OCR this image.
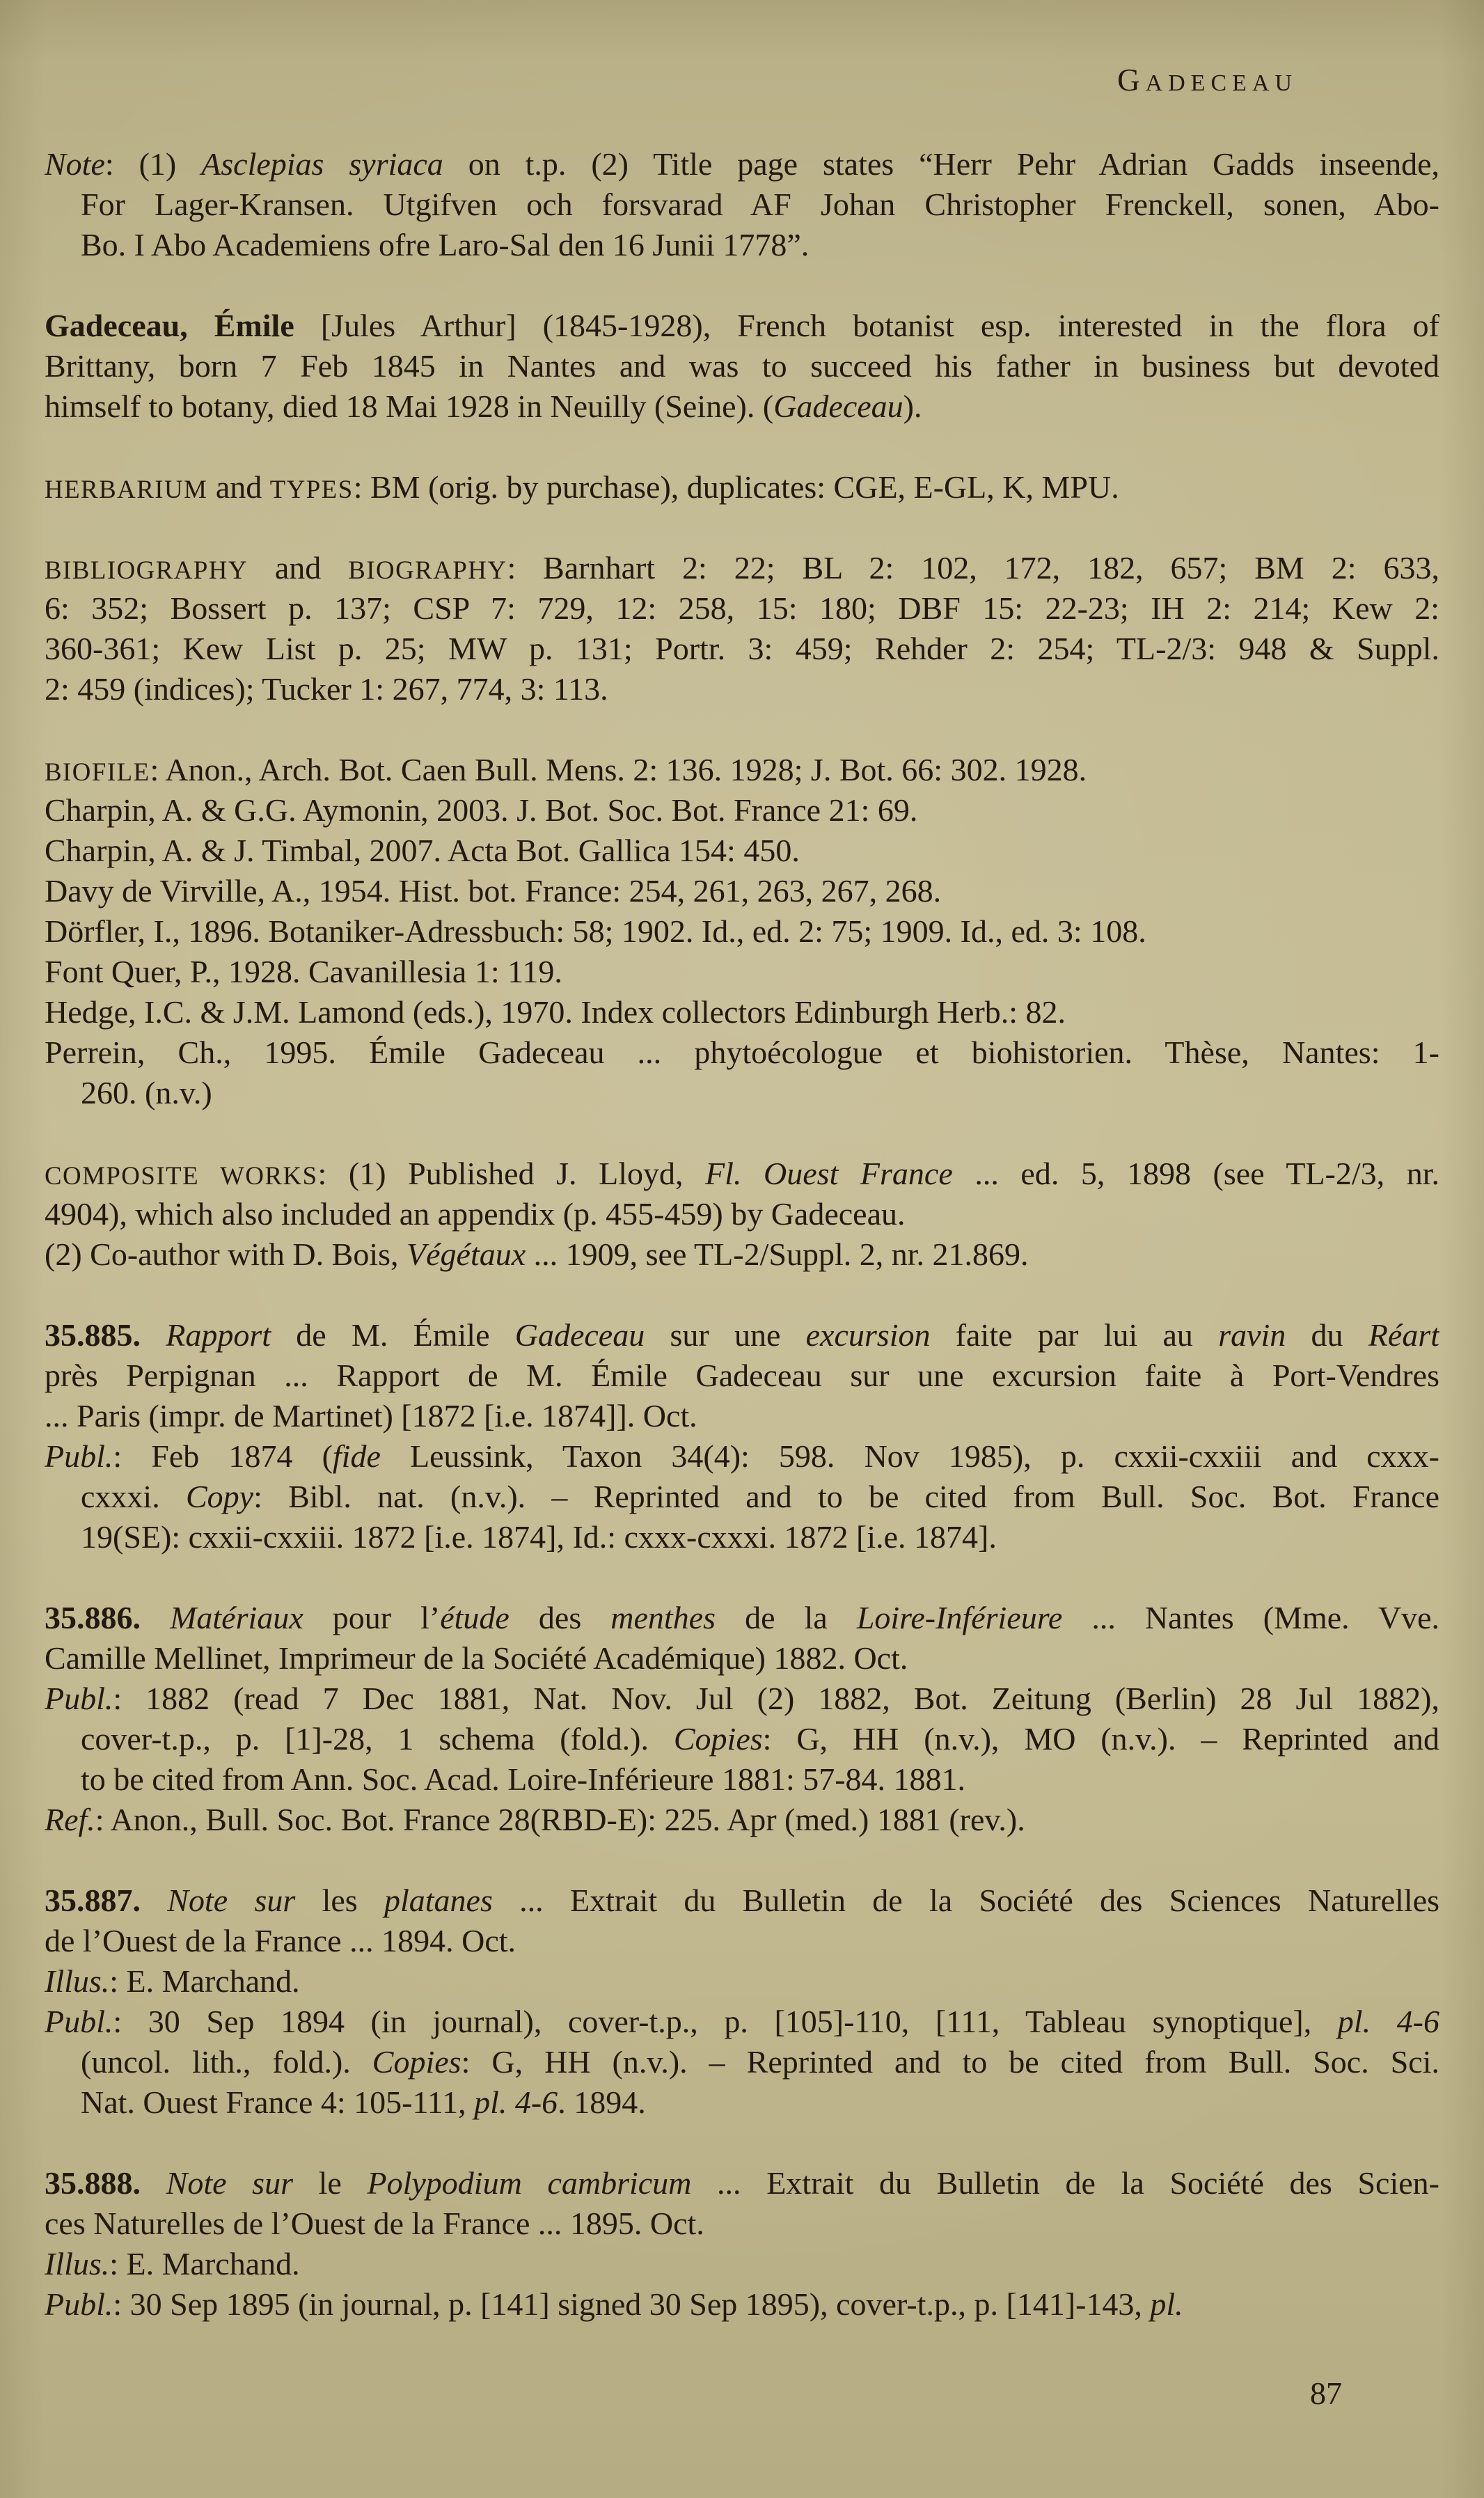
GADECEAU
Note: (1) Asclepias syriaca on t.p. (2) Title page states “Herr Pehr Adrian Gadds inseende,
For Lager-Kransen. Utgifven och forsvarad AF Johan Christopher Frenckell, sonen, Abo-
Bo. I Abo Academiens ofre Laro-Sal den 16 Junii 1778”.
Gadeceau, Émile [Jules Arthur] (1845-1928), French botanist esp. interested in the flora of
Brittany, born 7 Feb 1845 in Nantes and was to succeed his father in business but devoted
himself to botany, died 18 Mai 1928 in Neuilly (Seine). (Gadeceau).
HERBARIUM and TYPES: BM (orig. by purchase), duplicates: CGE, E-GL, K, MPU.
BIBLIOGRAPHY and BIOGRAPHY: Barnhart 2: 22; BL 2: 102, 172, 182, 657; BM 2: 633,
6: 352; Bossert p. 137; CSP 7: 729, 12: 258, 15: 180; DBF 15: 22-23; IH 2: 214; Kew 2:
360-361; Kew List p. 25; MW p. 131; Portr. 3: 459; Rehder 2: 254; TL-2/3: 948 & Suppl.
2: 459 (indices); Tucker 1: 267, 774, 3: 113.
BIOFILE: Anon., Arch. Bot. Caen Bull. Mens. 2: 136. 1928; J. Bot. 66: 302. 1928.
Charpin, A. & G.G. Aymonin, 2003. J. Bot. Soc. Bot. France 21: 69.
Charpin, A. & J. Timbal, 2007. Acta Bot. Gallica 154: 450.
Davy de Virville, A., 1954. Hist. bot. France: 254, 261, 263, 267, 268.
Dörfler, I., 1896. Botaniker-Adressbuch: 58; 1902. Id., ed. 2: 75; 1909. Id., ed. 3: 108.
Font Quer, P., 1928. Cavanillesia 1: 119.
Hedge, I.C. & J.M. Lamond (eds.), 1970. Index collectors Edinburgh Herb.: 82.
Perrein, Ch., 1995. Émile Gadeceau ... phytoécologue et biohistorien. Thèse, Nantes: 1-
260. (n.v.)
COMPOSITE WORKS: (1) Published J. Lloyd, Fl. Ouest France ... ed. 5, 1898 (see TL-2/3, nr.
4904), which also included an appendix (p. 455-459) by Gadeceau.
(2) Co-author with D. Bois, Végétaux ... 1909, see TL-2/Suppl. 2, nr. 21.869.
35.885. Rapport de M. Émile Gadeceau sur une excursion faite par lui au ravin du Réart
près Perpignan ... Rapport de M. Émile Gadeceau sur une excursion faite à Port-Vendres
... Paris (impr. de Martinet) [1872 [i.e. 1874]]. Oct.
Publ.: Feb 1874 (fide Leussink, Taxon 34(4): 598. Nov 1985), p. cxxii-cxxiii and cxxx-
cxxxi. Copy: Bibl. nat. (n.v.). – Reprinted and to be cited from Bull. Soc. Bot. France
19(SE): cxxii-cxxiii. 1872 [i.e. 1874], Id.: cxxx-cxxxi. 1872 [i.e. 1874].
35.886. Matériaux pour l’étude des menthes de la Loire-Inférieure ... Nantes (Mme. Vve.
Camille Mellinet, Imprimeur de la Société Académique) 1882. Oct.
Publ.: 1882 (read 7 Dec 1881, Nat. Nov. Jul (2) 1882, Bot. Zeitung (Berlin) 28 Jul 1882),
cover-t.p., p. [1]-28, 1 schema (fold.). Copies: G, HH (n.v.), MO (n.v.). – Reprinted and
to be cited from Ann. Soc. Acad. Loire-Inférieure 1881: 57-84. 1881.
Ref.: Anon., Bull. Soc. Bot. France 28(RBD-E): 225. Apr (med.) 1881 (rev.).
35.887. Note sur les platanes ... Extrait du Bulletin de la Société des Sciences Naturelles
de l’Ouest de la France ... 1894. Oct.
Illus.: E. Marchand.
Publ.: 30 Sep 1894 (in journal), cover-t.p., p. [105]-110, [111, Tableau synoptique], pl. 4-6
(uncol. lith., fold.). Copies: G, HH (n.v.). – Reprinted and to be cited from Bull. Soc. Sci.
Nat. Ouest France 4: 105-111, pl. 4-6. 1894.
35.888. Note sur le Polypodium cambricum ... Extrait du Bulletin de la Société des Scien-
ces Naturelles de l’Ouest de la France ... 1895. Oct.
Illus.: E. Marchand.
Publ.: 30 Sep 1895 (in journal, p. [141] signed 30 Sep 1895), cover-t.p., p. [141]-143, pl.
87
